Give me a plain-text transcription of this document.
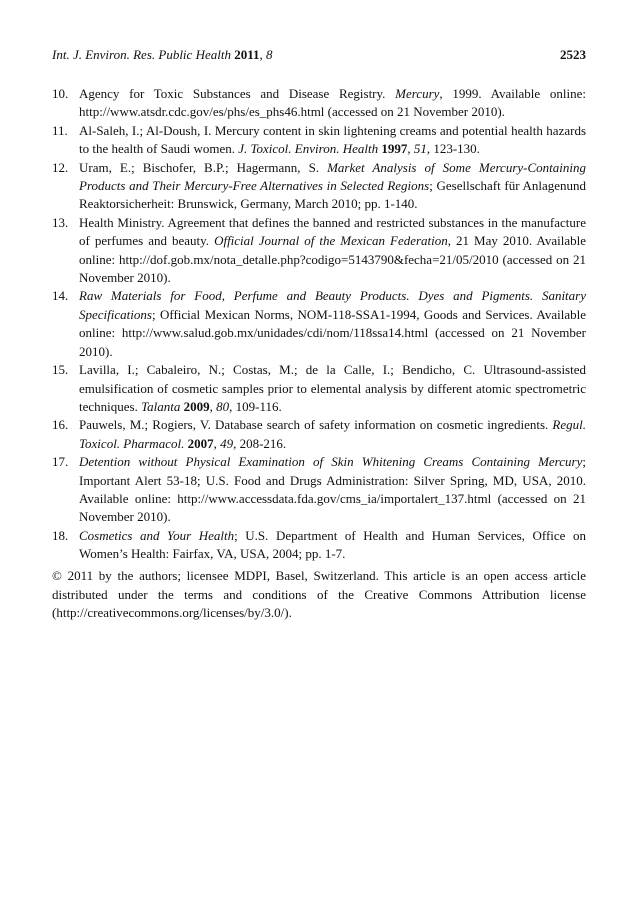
Int. J. Environ. Res. Public Health 2011, 8	2523
10. Agency for Toxic Substances and Disease Registry. Mercury, 1999. Available online: http://www.atsdr.cdc.gov/es/phs/es_phs46.html (accessed on 21 November 2010).
11. Al-Saleh, I.; Al-Doush, I. Mercury content in skin lightening creams and potential health hazards to the health of Saudi women. J. Toxicol. Environ. Health 1997, 51, 123-130.
12. Uram, E.; Bischofer, B.P.; Hagermann, S. Market Analysis of Some Mercury-Containing Products and Their Mercury-Free Alternatives in Selected Regions; Gesellschaft für Anlagenund Reaktorsicherheit: Brunswick, Germany, March 2010; pp. 1-140.
13. Health Ministry. Agreement that defines the banned and restricted substances in the manufacture of perfumes and beauty. Official Journal of the Mexican Federation, 21 May 2010. Available online: http://dof.gob.mx/nota_detalle.php?codigo=5143790&fecha=21/05/2010 (accessed on 21 November 2010).
14. Raw Materials for Food, Perfume and Beauty Products. Dyes and Pigments. Sanitary Specifications; Official Mexican Norms, NOM-118-SSA1-1994, Goods and Services. Available online: http://www.salud.gob.mx/unidades/cdi/nom/118ssa14.html (accessed on 21 November 2010).
15. Lavilla, I.; Cabaleiro, N.; Costas, M.; de la Calle, I.; Bendicho, C. Ultrasound-assisted emulsification of cosmetic samples prior to elemental analysis by different atomic spectrometric techniques. Talanta 2009, 80, 109-116.
16. Pauwels, M.; Rogiers, V. Database search of safety information on cosmetic ingredients. Regul. Toxicol. Pharmacol. 2007, 49, 208-216.
17. Detention without Physical Examination of Skin Whitening Creams Containing Mercury; Important Alert 53-18; U.S. Food and Drugs Administration: Silver Spring, MD, USA, 2010. Available online: http://www.accessdata.fda.gov/cms_ia/importalert_137.html (accessed on 21 November 2010).
18. Cosmetics and Your Health; U.S. Department of Health and Human Services, Office on Women’s Health: Fairfax, VA, USA, 2004; pp. 1-7.

© 2011 by the authors; licensee MDPI, Basel, Switzerland. This article is an open access article distributed under the terms and conditions of the Creative Commons Attribution license (http://creativecommons.org/licenses/by/3.0/).
